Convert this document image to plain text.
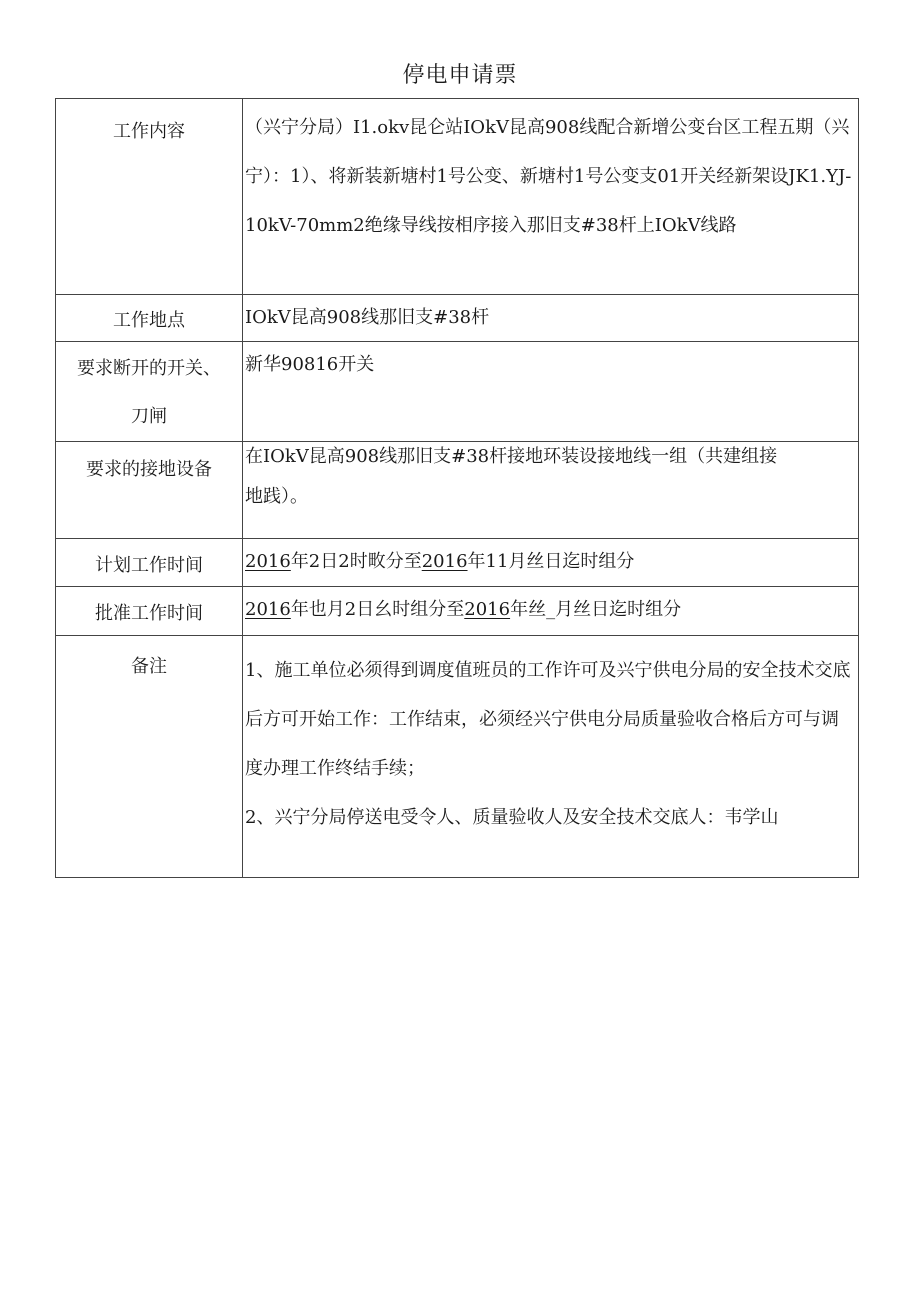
停电申请票
工作内容	（兴宁分局）I1.okv昆仑站IOkV昆高908线配合新增公变台区工程五期（兴宁）：1）、将新装新塘村1号公变、新塘村1号公变支01开关经新架设JK1.YJ-10kV-70mm2绝缘导线按相序接入那旧支#38杆上IOkV线路

工作地点	IOkV昆高908线那旧支#38杆

要求断开的开关、
刀闸	新华90816开关

要求的接地设备	在IOkV昆高908线那旧支#38杆接地环装设接地线一组（共建组接
地践）。

计划工作时间	2016年2日2时畋分至2016年11月丝日迄时组分

批准工作时间	2016年也月2日幺时组分至2016年丝_月丝日迄时组分

备注	1、施工单位必须得到调度值班员的工作许可及兴宁供电分局的安全技术交底后方可开始工作：工作结束，必须经兴宁供电分局质量验收合格后方可与调度办理工作终结手续；
2、兴宁分局停送电受令人、质量验收人及安全技术交底人：韦学山
